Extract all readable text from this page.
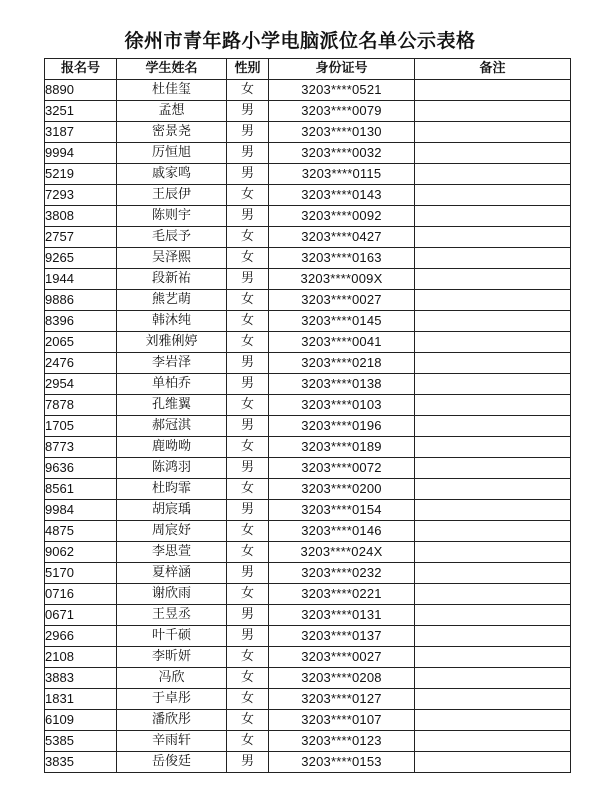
徐州市青年路小学电脑派位名单公示表格
报名号	学生姓名	性别	身份证号	备注
8890	杜佳玺	女	3203****0521	
3251	孟想	男	3203****0079	
3187	密景尧	男	3203****0130	
9994	厉恒旭	男	3203****0032	
5219	戚家鸣	男	3203****0115	
7293	王辰伊	女	3203****0143	
3808	陈则宇	男	3203****0092	
2757	毛辰予	女	3203****0427	
9265	吴泽熙	女	3203****0163	
1944	段新祐	男	3203****009X	
9886	熊艺萌	女	3203****0027	
8396	韩沐纯	女	3203****0145	
2065	刘雅俐婷	女	3203****0041	
2476	李岩泽	男	3203****0218	
2954	单柏乔	男	3203****0138	
7878	孔维翼	女	3203****0103	
1705	郝冠淇	男	3203****0196	
8773	鹿呦呦	女	3203****0189	
9636	陈鸿羽	男	3203****0072	
8561	杜昀霏	女	3203****0200	
9984	胡宸瑀	男	3203****0154	
4875	周宸妤	女	3203****0146	
9062	李思萱	女	3203****024X	
5170	夏梓涵	男	3203****0232	
0716	谢欣雨	女	3203****0221	
0671	王昱丞	男	3203****0131	
2966	叶千硕	男	3203****0137	
2108	李昕妍	女	3203****0027	
3883	冯欣	女	3203****0208	
1831	于卓彤	女	3203****0127	
6109	潘欣彤	女	3203****0107	
5385	辛雨轩	女	3203****0123	
3835	岳俊廷	男	3203****0153	
